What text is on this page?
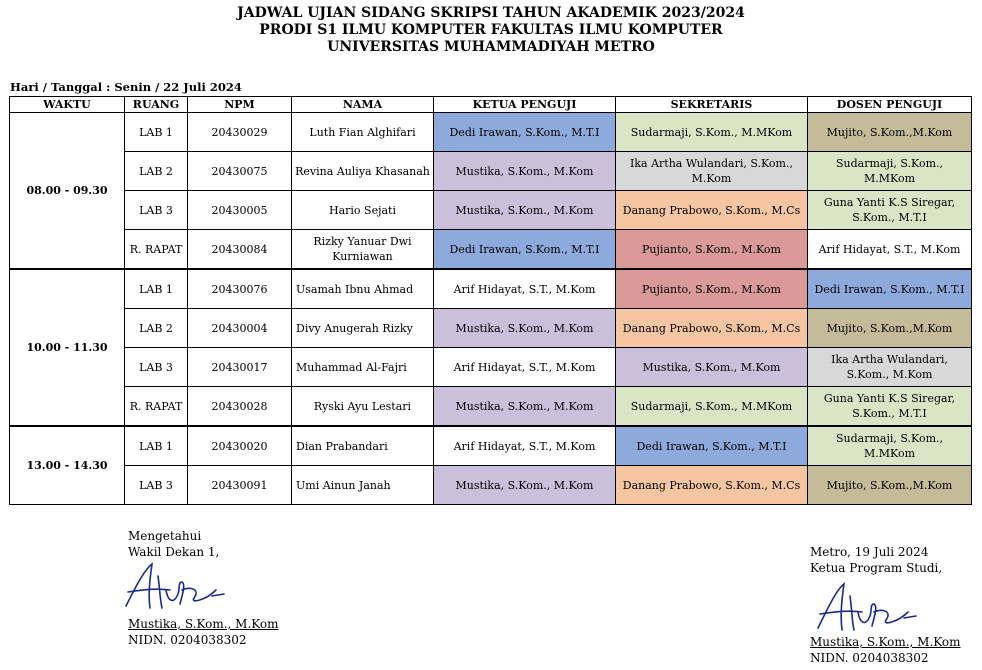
JADWAL UJIAN SIDANG SKRIPSI TAHUN AKADEMIK 2023/2024
PRODI S1 ILMU KOMPUTER FAKULTAS ILMU KOMPUTER
UNIVERSITAS MUHAMMADIYAH METRO
Hari / Tanggal : Senin / 22 Juli 2024
WAKTU	RUANG	NPM	NAMA	KETUA PENGUJI	SEKRETARIS	DOSEN PENGUJI
08.00 - 09.30	LAB 1	20430029	Luth Fian Alghifari	Dedi Irawan, S.Kom., M.T.I	Sudarmaji, S.Kom., M.MKom	Mujito, S.Kom.,M.Kom
	LAB 2	20430075	Revina Auliya Khasanah	Mustika, S.Kom., M.Kom	Ika Artha Wulandari, S.Kom., M.Kom	Sudarmaji, S.Kom., M.MKom
	LAB 3	20430005	Hario Sejati	Mustika, S.Kom., M.Kom	Danang Prabowo, S.Kom., M.Cs	Guna Yanti K.S Siregar, S.Kom., M.T.I
	R. RAPAT	20430084	Rizky Yanuar Dwi Kurniawan	Dedi Irawan, S.Kom., M.T.I	Pujianto, S.Kom., M.Kom	Arif Hidayat, S.T., M.Kom
10.00 - 11.30	LAB 1	20430076	Usamah Ibnu Ahmad	Arif Hidayat, S.T., M.Kom	Pujianto, S.Kom., M.Kom	Dedi Irawan, S.Kom., M.T.I
	LAB 2	20430004	Divy Anugerah Rizky	Mustika, S.Kom., M.Kom	Danang Prabowo, S.Kom., M.Cs	Mujito, S.Kom.,M.Kom
	LAB 3	20430017	Muhammad Al-Fajri	Arif Hidayat, S.T., M.Kom	Mustika, S.Kom., M.Kom	Ika Artha Wulandari, S.Kom., M.Kom
	R. RAPAT	20430028	Ryski Ayu Lestari	Mustika, S.Kom., M.Kom	Sudarmaji, S.Kom., M.MKom	Guna Yanti K.S Siregar, S.Kom., M.T.I
13.00 - 14.30	LAB 1	20430020	Dian Prabandari	Arif Hidayat, S.T., M.Kom	Dedi Irawan, S.Kom., M.T.I	Sudarmaji, S.Kom., M.MKom
	LAB 3	20430091	Umi Ainun Janah	Mustika, S.Kom., M.Kom	Danang Prabowo, S.Kom., M.Cs	Mujito, S.Kom.,M.Kom
Mengetahui
Wakil Dekan 1,
Mustika, S.Kom., M.Kom
NIDN. 0204038302
Metro, 19 Juli 2024
Ketua Program Studi,
Mustika, S.Kom., M.Kom
NIDN. 0204038302
